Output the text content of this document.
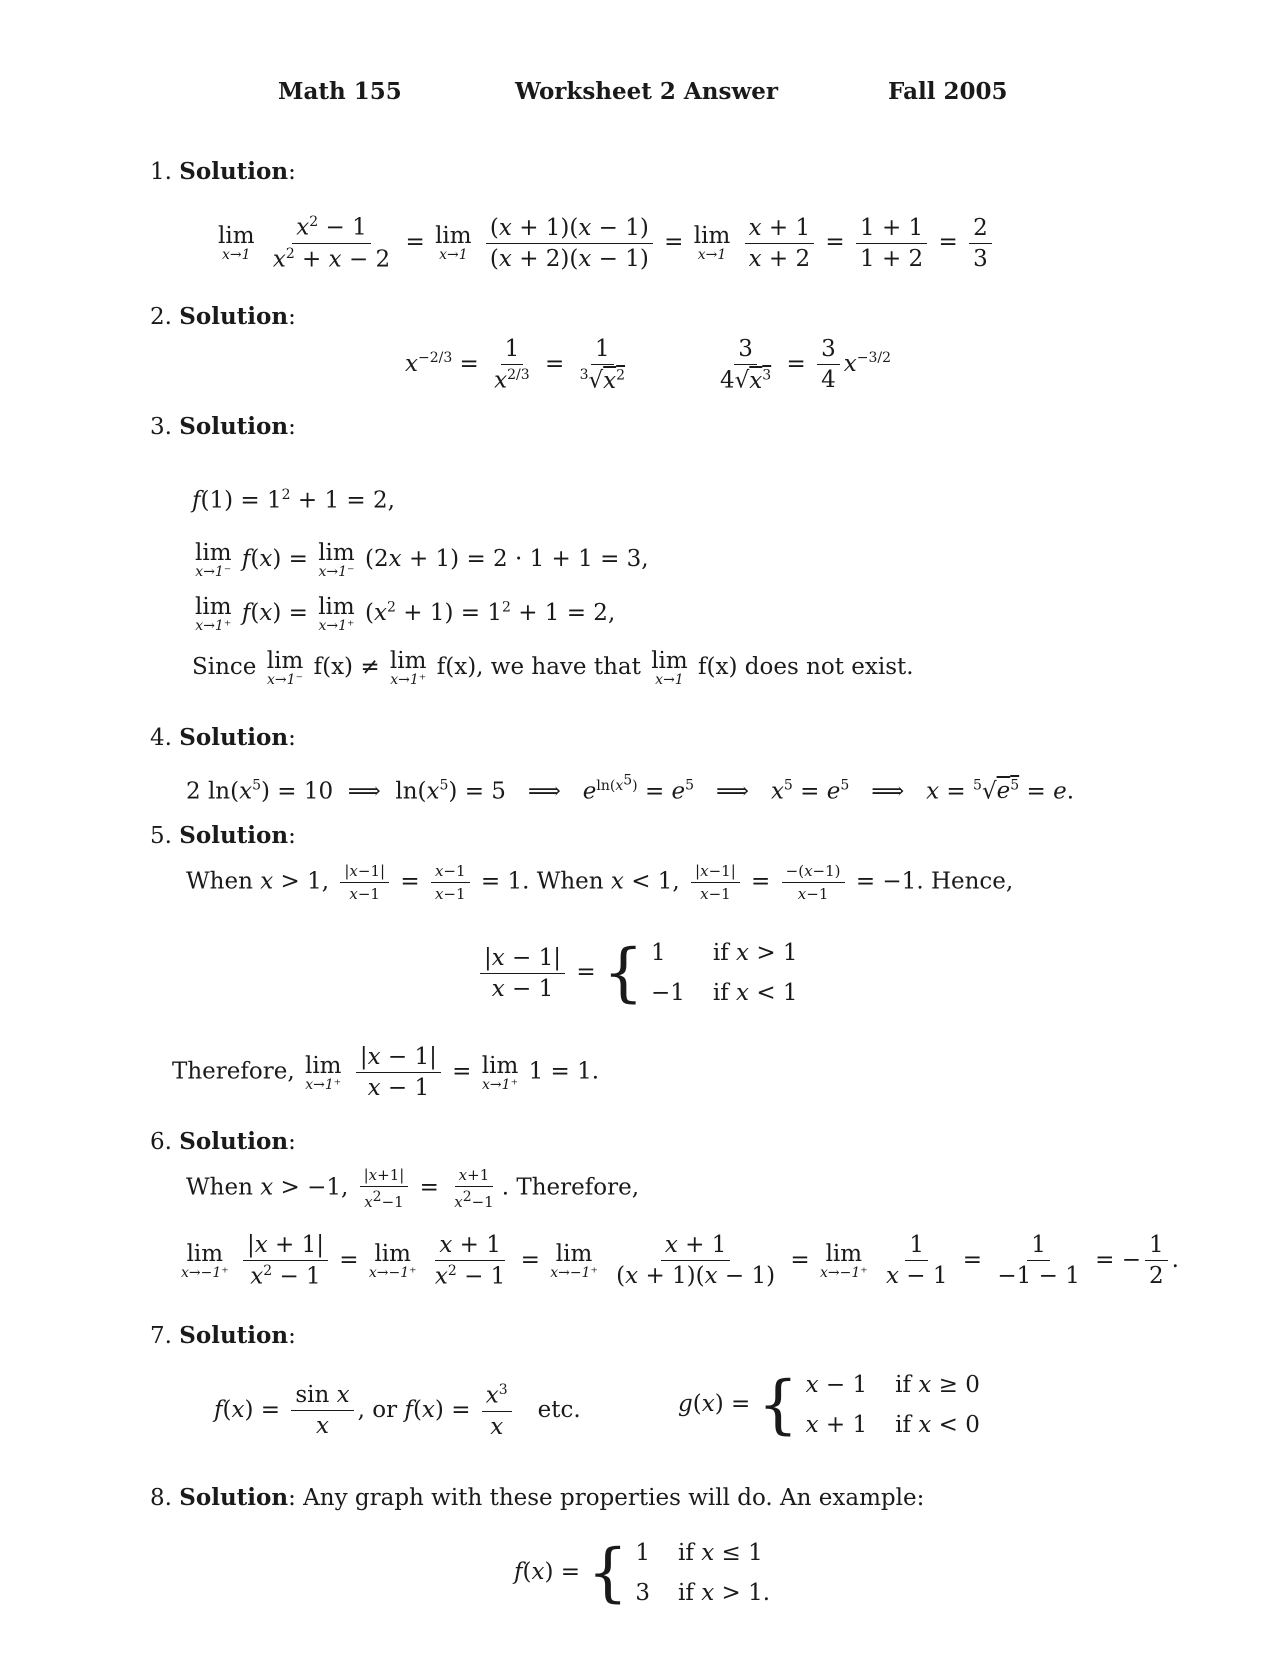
Math 155	Worksheet 2 Answer	Fall 2005
1. Solution:
lim
x→1
$\frac{x^2 - 1}{x^2 + x - 2} = \lim$
x→1
$\frac{(x + 1)(x - 1)}{(x + 2)(x - 1)} = \lim$
x→1
$\frac{x + 1}{x + 2} = \frac{1 + 1}{1 + 2} = \frac{2}{3}$
2. Solution:
$x^{-2/3} = \frac{1}{x^{2/3}} = \frac{1}{^3√x^2}$	$\frac{3}{4√x^3} = \frac{3}{4} x^{-3/2}$
3. Solution:
$f(1) = 1^2 + 1 = 2$,
lim
x→1⁻ f(x) = lim
x→1⁻ (2x + 1) = 2 · 1 + 1 = 3,
lim
x→1⁺ f(x) = lim
x→1⁺ $(x^2 + 1) = 1^2 + 1 = 2$,
Since lim
x→1⁻ f(x) ≠ lim
x→1⁺ f(x), we have that lim
x→1 f(x) does not exist.
4. Solution:
2 $\ln(x^5) = 10$  ⟹  $\ln(x^5) = 5$   ⟹   $e^{ln(x^5)} = e^5$   ⟹   $x^5 = e^5$   ⟹   $x = ^5√e^5 = e$.
5. Solution:
When x > 1, $\frac{|x-1|}{x-1} = \frac{x-1}{x-1} = 1$. When x < 1, $\frac{|x-1|}{x-1} = \frac{-(x-1)}{x-1} = -1$. Hence,
$\frac{|x - 1|}{x - 1}$ = { 1	if x > 1
−1 if x < 1
Therefore, lim
x→1⁺
$\frac{|x - 1|}{x - 1} = \lim$
x→1⁺ 1 = 1.
6. Solution:
When x > −1, $\frac{|x+1|}{x^2-1} = \frac{x+1}{x^2-1}$ . Therefore,
lim
x→−1⁺
$\frac{|x + 1|}{x^2 - 1} = \lim$
x→−1⁺
$\frac{x + 1}{x^2 - 1} = \lim$
x→−1⁺
$\frac{x + 1}{(x + 1)(x - 1)} = \lim$
x→−1⁺
$\frac{1}{x - 1} = \frac{1}{-1 - 1}$ = − $\frac{1}{2}$ .
7. Solution:
$f(x) = \frac{\text{sin x}}{x}$ , or $f(x) = \frac{x^3}{x}$ etc.	g(x) = { x − 1 if x ≥ 0
x + 1 if x < 0
8. Solution: Any graph with these properties will do. An example:
f(x) = { 1 if x ≤ 1
3 if x > 1.
